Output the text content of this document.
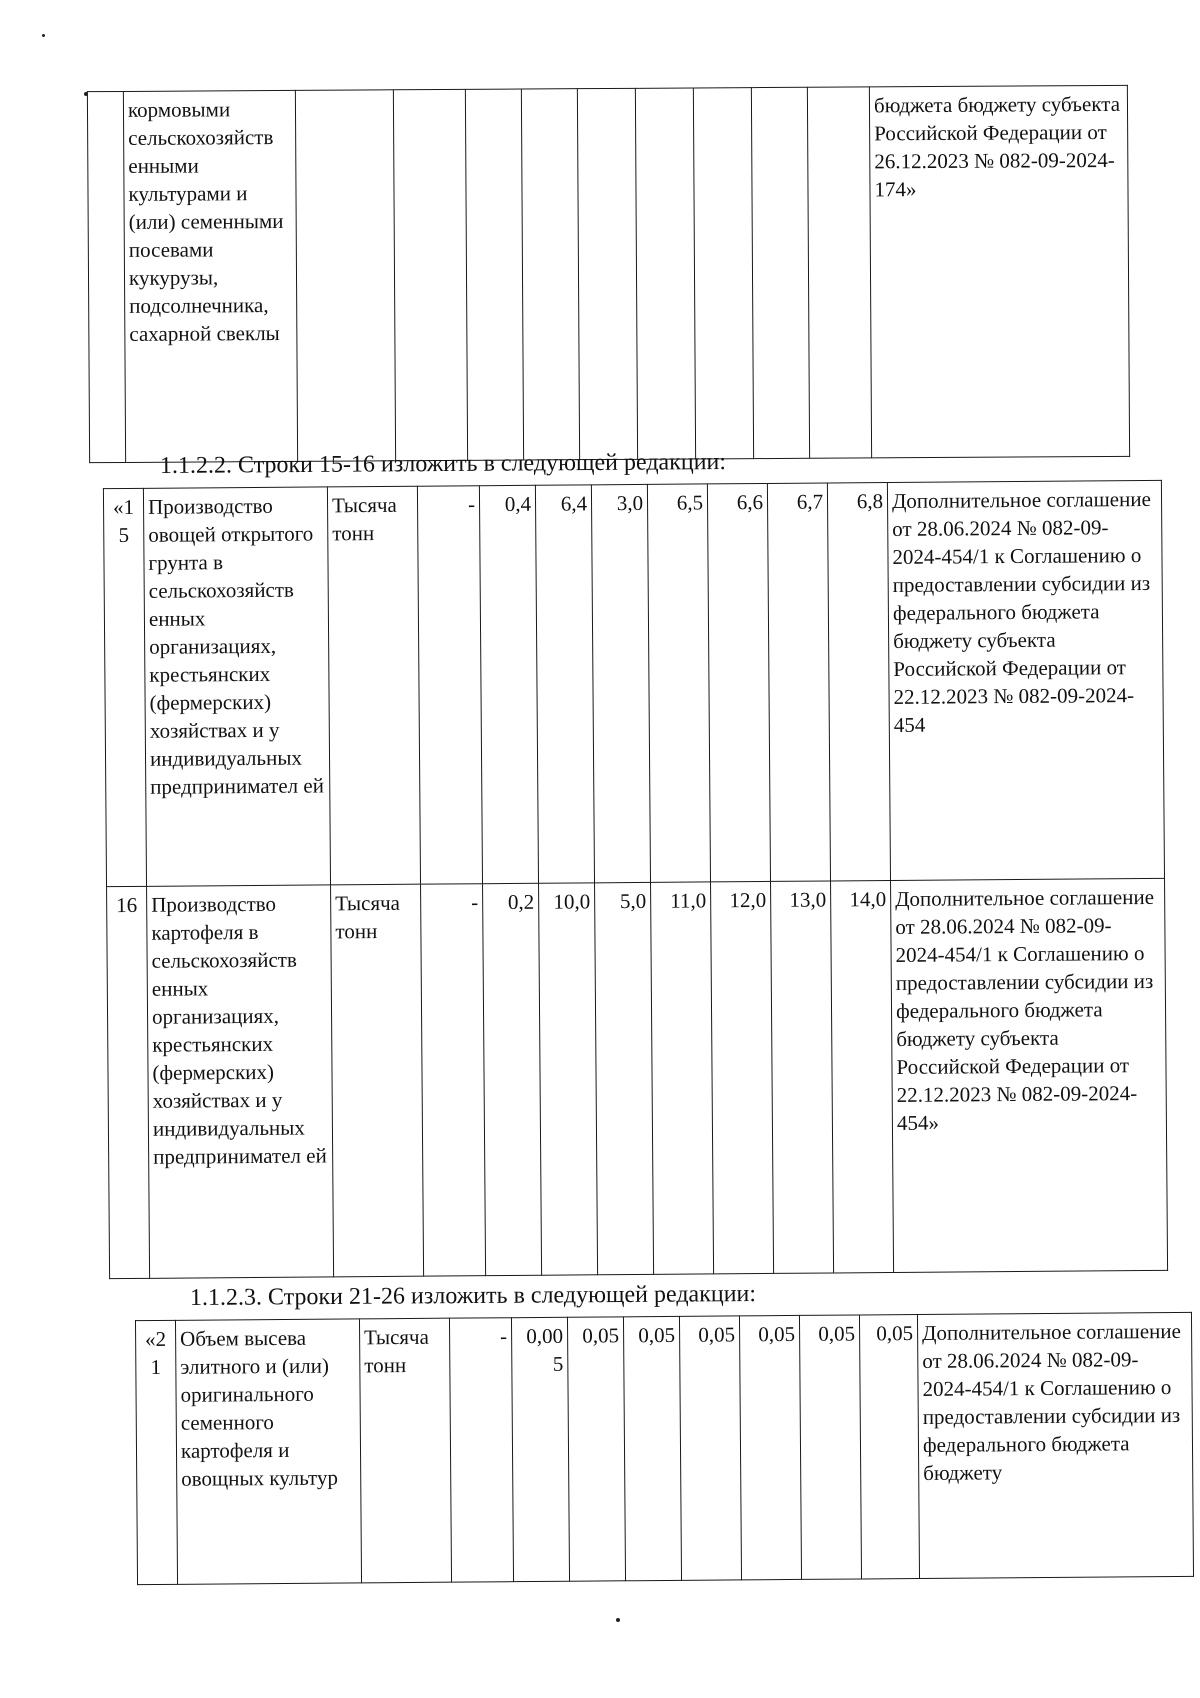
	кормовыми сельскохозяйств енными культурами и (или) семенными посевами кукурузы, подсолнечника, сахарной свеклы										бюджета бюджету субъекта Российской Федерации от 26.12.2023 № 082-09-2024-174»
1.1.2.2. Строки 15-16 изложить в следующей редакции:
«15	Производство овощей открытого грунта в сельскохозяйств енных организациях, крестьянских (фермерских) хозяйствах и у индивидуальных предпринимател ей	Тысяча тонн	-	0,4	6,4	3,0	6,5	6,6	6,7	6,8	Дополнительное соглашение от 28.06.2024 № 082-09-2024-454/1 к Соглашению о предоставлении субсидии из федерального бюджета бюджету субъекта Российской Федерации от 22.12.2023 № 082-09-2024-454
16	Производство картофеля в сельскохозяйств енных организациях, крестьянских (фермерских) хозяйствах и у индивидуальных предпринимател ей	Тысяча тонн	-	0,2	10,0	5,0	11,0	12,0	13,0	14,0	Дополнительное соглашение от 28.06.2024 № 082-09-2024-454/1 к Соглашению о предоставлении субсидии из федерального бюджета бюджету субъекта Российской Федерации от 22.12.2023 № 082-09-2024-454»
1.1.2.3. Строки 21-26 изложить в следующей редакции:
«21	Объем высева элитного и (или) оригинального семенного картофеля и овощных культур	Тысяча тонн	-	0,005	0,05	0,05	0,05	0,05	0,05	0,05	Дополнительное соглашение от 28.06.2024 № 082-09-2024-454/1 к Соглашению о предоставлении субсидии из федерального бюджета бюджету
